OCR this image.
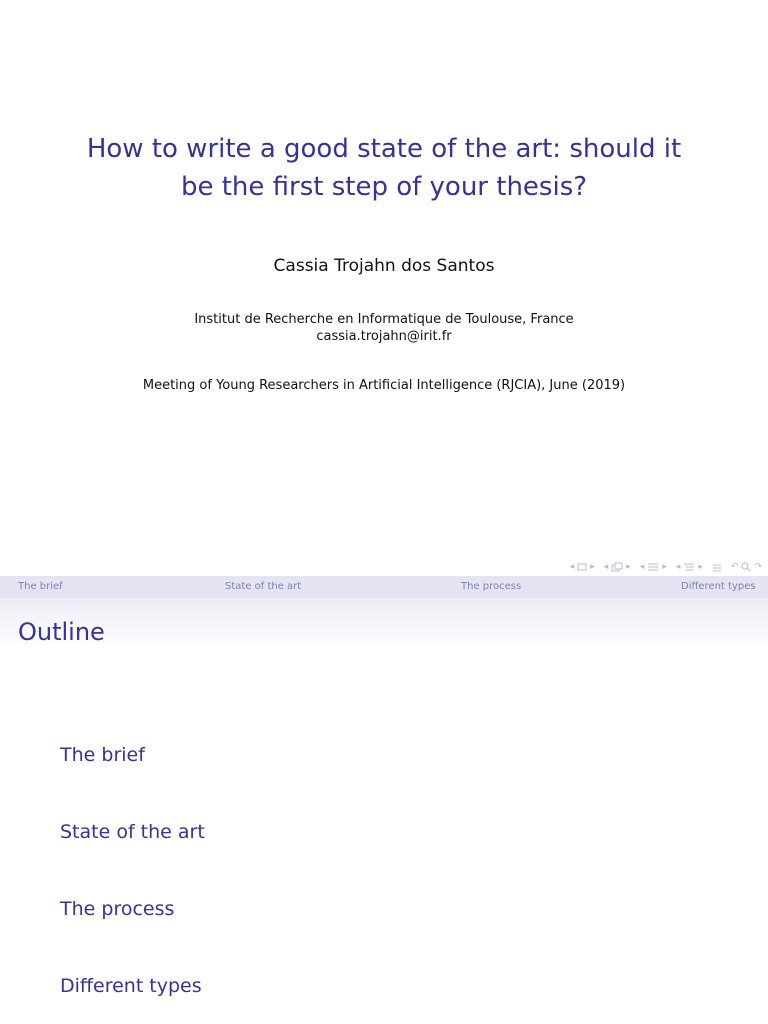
How to write a good state of the art: should it
be the first step of your thesis?
Cassia Trojahn dos Santos
Institut de Recherche en Informatique de Toulouse, France
cassia.trojahn@irit.fr
Meeting of Young Researchers in Artificial Intelligence (RJCIA), June (2019)
◂ ▸ ◂ ▸ ◂ ▸ ◂ ▸	↶ ↷
The brief	State of the art	The process	Different types
Outline
The brief
State of the art
The process
Different types
